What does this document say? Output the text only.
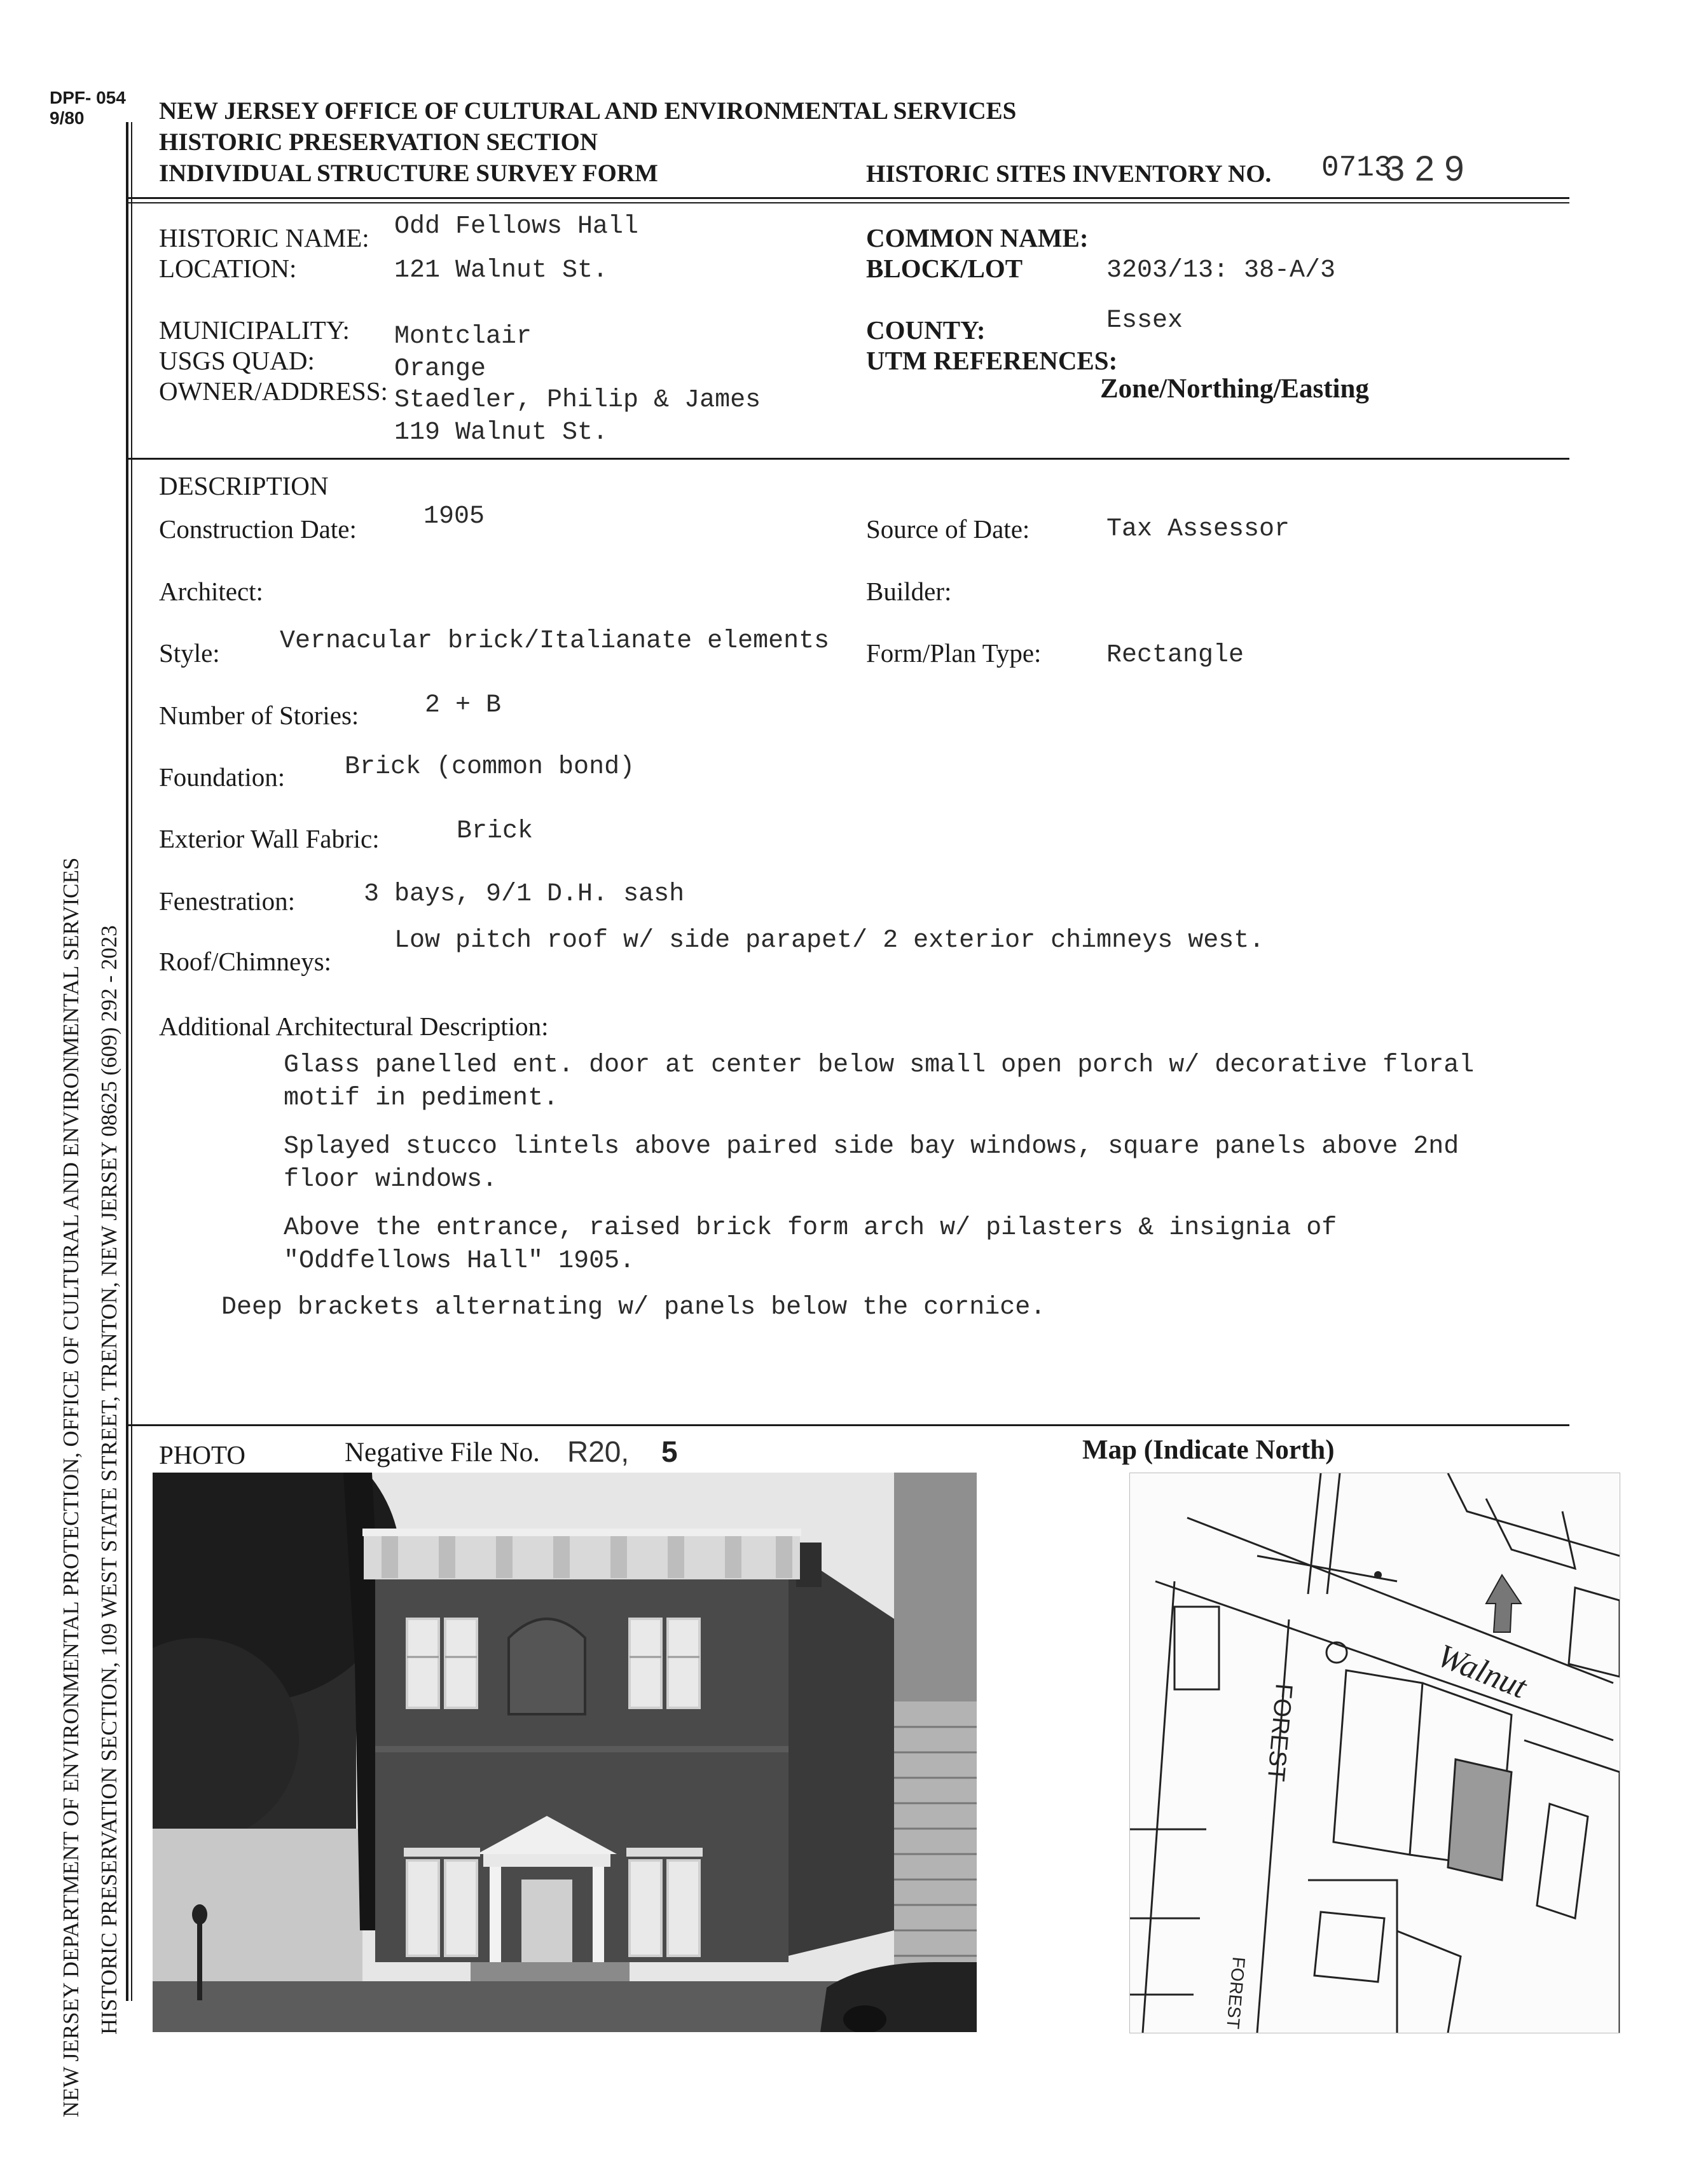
DPF- 054
9/80	NEW JERSEY OFFICE OF CULTURAL AND ENVIRONMENTAL SERVICES
HISTORIC PRESERVATION SECTION
INDIVIDUAL STRUCTURE SURVEY FORM	HISTORIC SITES INVENTORY NO. 0713
3 2 9
NEW JERSEY DEPARTMENT OF ENVIRONMENTAL PROTECTION, OFFICE OF CULTURAL AND ENVIRONMENTAL SERVICES HISTORIC PRESERVATION SECTION, 109 WEST STATE STREET, TRENTON, NEW JERSEY 08625 (609) 292 - 2023
HISTORIC NAME: Odd Fellows Hall
LOCATION:	121 Walnut St.
COMMON NAME:
BLOCK/LOT	3203/13: 38-A/3
MUNICIPALITY: Montclair
USGS QUAD:	Orange
OWNER/ADDRESS: Staedler, Philip & James
119 Walnut St.
COUNTY:	Essex
UTM REFERENCES:
Zone/Northing/Easting
DESCRIPTION
Construction Date:	1905	Source of Date:	Tax Assessor
Architect:	Builder:
Style: Vernacular brick/Italianate elements Form/Plan Type:	Rectangle
Number of Stories:	2 + B
Foundation: Brick (common bond)
Exterior Wall Fabric:	Brick
Fenestration:	3 bays, 9/1 D.H. sash
Roof/Chimneys:
Low pitch roof w/ side parapet/ 2 exterior chimneys west.
Additional Architectural Description:
Glass panelled ent. door at center below small open porch w/ decorative floral motif in pediment.
Splayed stucco lintels above paired side bay windows, square panels above 2nd floor windows.
Above the entrance, raised brick form arch w/ pilasters & insignia of "Oddfellows Hall" 1905.
Deep brackets alternating w/ panels below the cornice.
PHOTO	Negative File No. R20, 5	Map (Indicate North)
Walnut
FOREST
FOREST
